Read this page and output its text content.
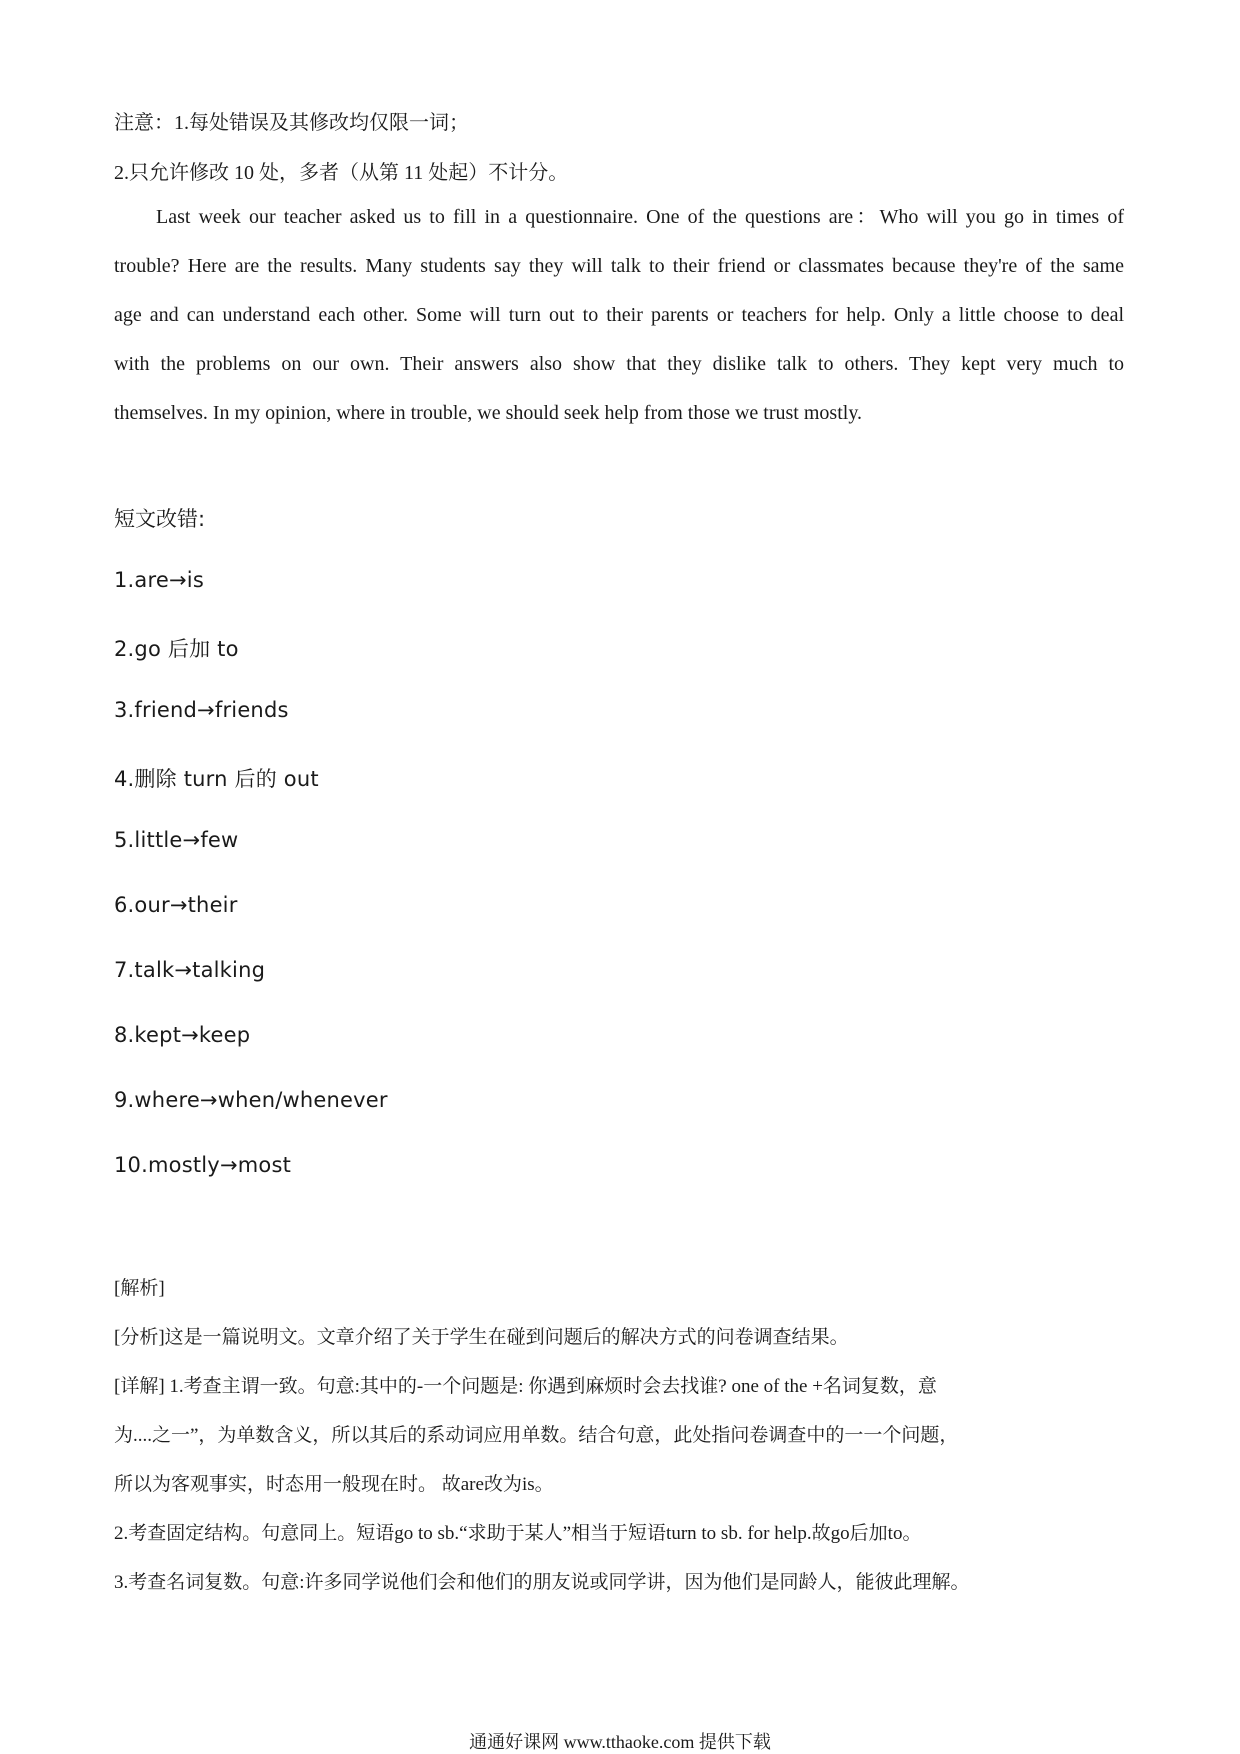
注意：1.每处错误及其修改均仅限一词；
2.只允许修改 10 处，多者（从第 11 处起）不计分。
Last week our teacher asked us to fill in a questionnaire. One of the questions are：Who will you go in times of
trouble? Here are the results. Many students say they will talk to their friend or classmates because they're of the same
age and can understand each other. Some will turn out to their parents or teachers for help. Only a little choose to deal
with the problems on our own. Their answers also show that they dislike talk to others. They kept very much to
themselves. In my opinion, where in trouble, we should seek help from those we trust mostly.
短文改错:
1.are→is
2.go 后加 to
3.friend→friends
4.删除 turn 后的 out
5.little→few
6.our→their
7.talk→talking
8.kept→keep
9.where→when/whenever
10.mostly→most
[解析]
[分析]这是一篇说明文。文章介绍了关于学生在碰到问题后的解决方式的问卷调查结果。
[详解] 1.考查主谓一致。句意:其中的-一个问题是: 你遇到麻烦时会去找谁? one of the +名词复数，意
为....之一”，为单数含义，所以其后的系动词应用单数。结合句意，此处指问卷调查中的一一个问题，
所以为客观事实，时态用一般现在时。 故are改为is。
2.考查固定结构。句意同上。短语go to sb.“求助于某人”相当于短语turn to sb. for help.故go后加to。
3.考查名词复数。句意:许多同学说他们会和他们的朋友说或同学讲，因为他们是同龄人，能彼此理解。
通通好课网 www.tthaoke.com 提供下载
